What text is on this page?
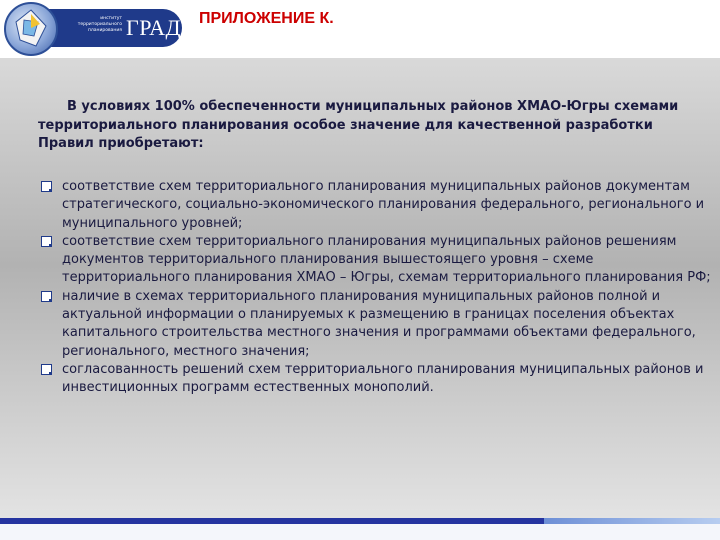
институт территориального планирования ГРАД ПРИЛОЖЕНИЕ К.
В условиях 100% обеспеченности муниципальных районов ХМАО-Югры схемами территориального планирования особое значение для качественной разработки Правил приобретают:
соответствие схем территориального планирования муниципальных районов документам стратегического, социально-экономического планирования федерального, регионального и муниципального уровней;
соответствие схем территориального планирования муниципальных районов решениям документов территориального планирования вышестоящего уровня – схеме территориального планирования ХМАО – Югры, схемам территориального планирования РФ;
наличие в схемах территориального планирования муниципальных районов полной и актуальной информации о планируемых к размещению в границах поселения объектах капитального строительства местного значения и программами объектами федерального, регионального, местного значения;
согласованность решений схем территориального планирования муниципальных районов и инвестиционных программ естественных монополий.
